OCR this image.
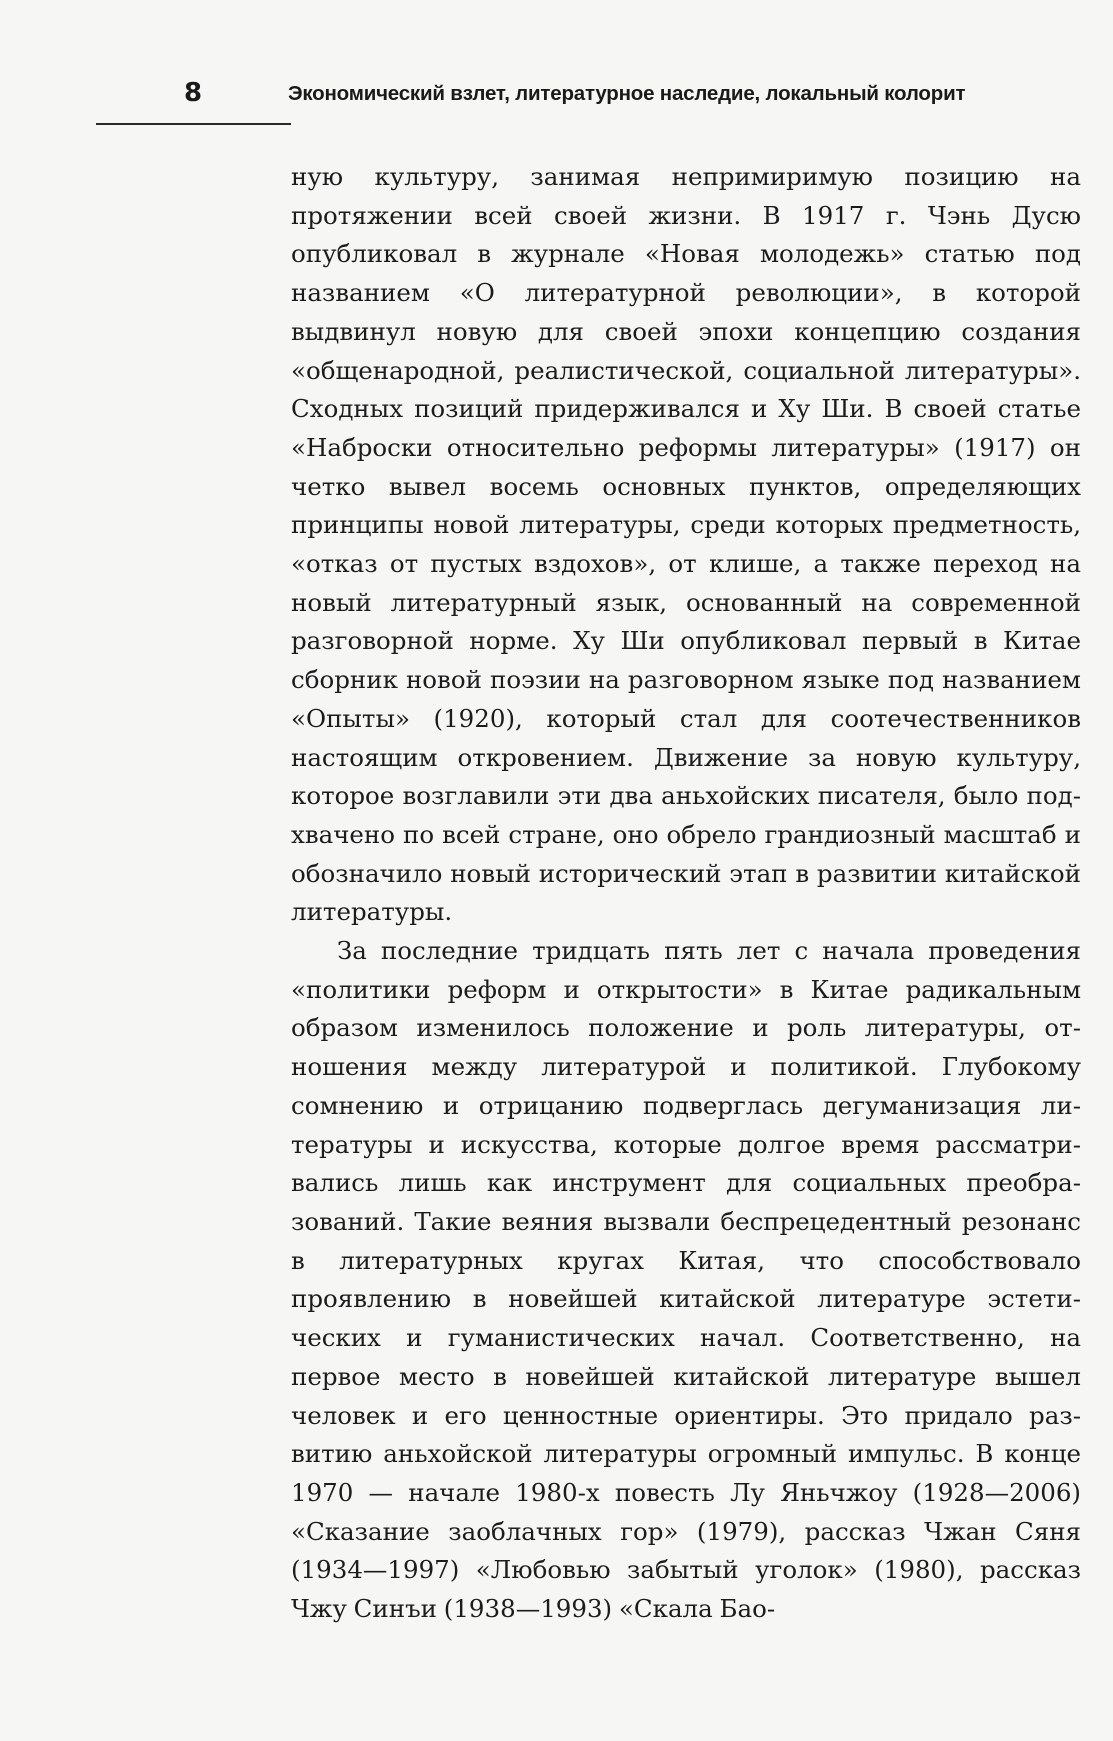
8	Экономический взлет, литературное наследие, локальный колорит

ную культуру, занимая непримиримую позицию на протяжении всей своей жизни. В 1917 г. Чэнь Дусю опубликовал в журнале «Новая молодежь» статью под названием «О литературной революции», в которой выдвинул новую для своей эпохи концепцию создания «общенародной, реалистической, социальной литературы». Сходных позиций придерживался и Ху Ши. В своей статье «Наброски относительно реформы литературы» (1917) он четко вывел восемь основных пунктов, определяющих принципы новой литературы, среди которых предметность, «отказ от пустых вздохов», от клише, а также переход на новый литературный язык, основанный на современной разговорной норме. Ху Ши опубликовал первый в Китае сборник новой поэзии на разговорном языке под названием «Опыты» (1920), который стал для соотечественников настоящим откровением. Движение за новую культуру, которое возглавили эти два аньхойских писателя, было подхвачено по всей стране, оно обрело грандиозный масштаб и обозначило новый исторический этап в развитии китайской литературы.

За последние тридцать пять лет с начала проведения «политики реформ и открытости» в Китае радикальным образом изменилось положение и роль литературы, отношения между литературой и политикой. Глубокому сомнению и отрицанию подверглась дегуманизация литературы и искусства, которые долгое время рассматривались лишь как инструмент для социальных преобразований. Такие веяния вызвали беспрецедентный резонанс в литературных кругах Китая, что способствовало проявлению в новейшей китайской литературе эстетических и гуманистических начал. Соответственно, на первое место в новейшей китайской литературе вышел человек и его ценностные ориентиры. Это придало развитию аньхойской литературы огромный импульс. В конце 1970 — начале 1980-х повесть Лу Яньчжоу (1928—2006) «Сказание заоблачных гор» (1979), рассказ Чжан Сяня (1934—1997) «Любовью забытый уголок» (1980), рассказ Чжу Синъи (1938—1993) «Скала Бао-
